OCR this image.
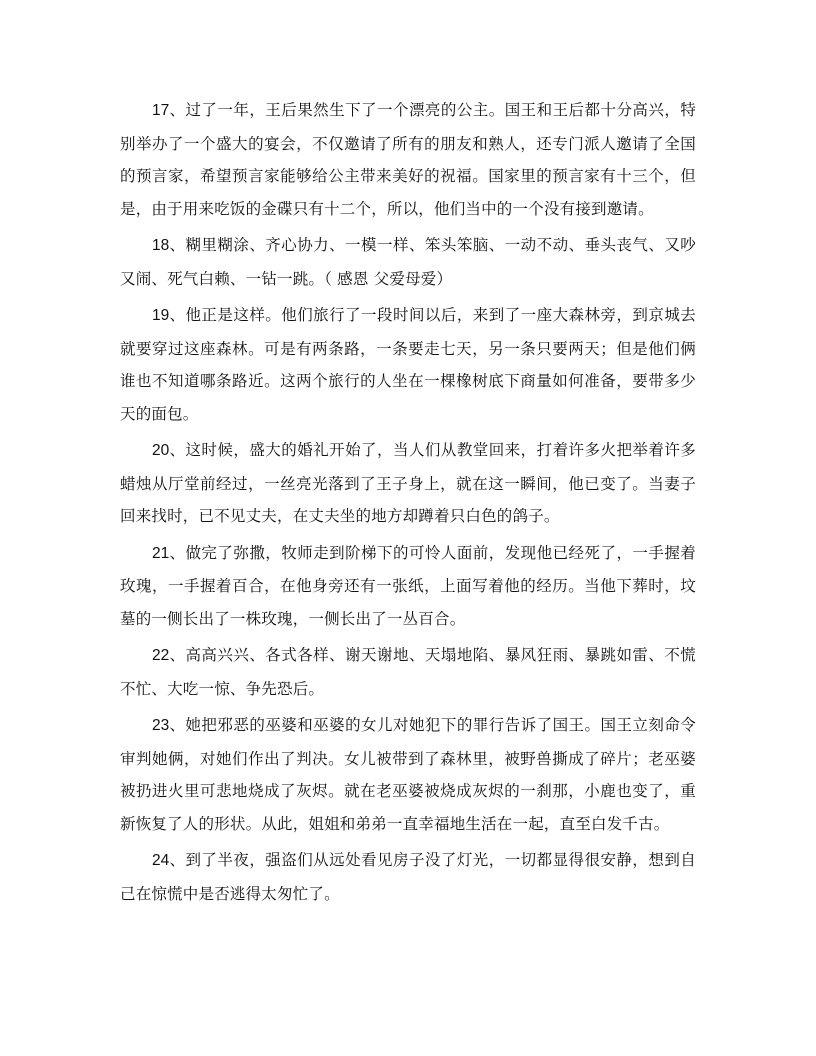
17、过了一年，王后果然生下了一个漂亮的公主。国王和王后都十分高兴，特别举办了一个盛大的宴会，不仅邀请了所有的朋友和熟人，还专门派人邀请了全国的预言家，希望预言家能够给公主带来美好的祝福。国家里的预言家有十三个，但是，由于用来吃饭的金碟只有十二个，所以，他们当中的一个没有接到邀请。

18、糊里糊涂、齐心协力、一模一样、笨头笨脑、一动不动、垂头丧气、又吵又闹、死气白赖、一钻一跳。（ 感恩 父爱母爱）

19、他正是这样。他们旅行了一段时间以后，来到了一座大森林旁，到京城去就要穿过这座森林。可是有两条路，一条要走七天，另一条只要两天；但是他们俩谁也不知道哪条路近。这两个旅行的人坐在一棵橡树底下商量如何准备，要带多少天的面包。

20、这时候，盛大的婚礼开始了，当人们从教堂回来，打着许多火把举着许多蜡烛从厅堂前经过，一丝亮光落到了王子身上，就在这一瞬间，他已变了。当妻子回来找时，已不见丈夫，在丈夫坐的地方却蹲着只白色的鸽子。

21、做完了弥撒，牧师走到阶梯下的可怜人面前，发现他已经死了，一手握着玫瑰，一手握着百合，在他身旁还有一张纸，上面写着他的经历。当他下葬时，坟墓的一侧长出了一株玫瑰，一侧长出了一丛百合。

22、高高兴兴、各式各样、谢天谢地、天塌地陷、暴风狂雨、暴跳如雷、不慌不忙、大吃一惊、争先恐后。

23、她把邪恶的巫婆和巫婆的女儿对她犯下的罪行告诉了国王。国王立刻命令审判她俩，对她们作出了判决。女儿被带到了森林里，被野兽撕成了碎片；老巫婆被扔进火里可悲地烧成了灰烬。就在老巫婆被烧成灰烬的一刹那，小鹿也变了，重新恢复了人的形状。从此，姐姐和弟弟一直幸福地生活在一起，直至白发千古。

24、到了半夜，强盗们从远处看见房子没了灯光，一切都显得很安静，想到自己在惊慌中是否逃得太匆忙了。
